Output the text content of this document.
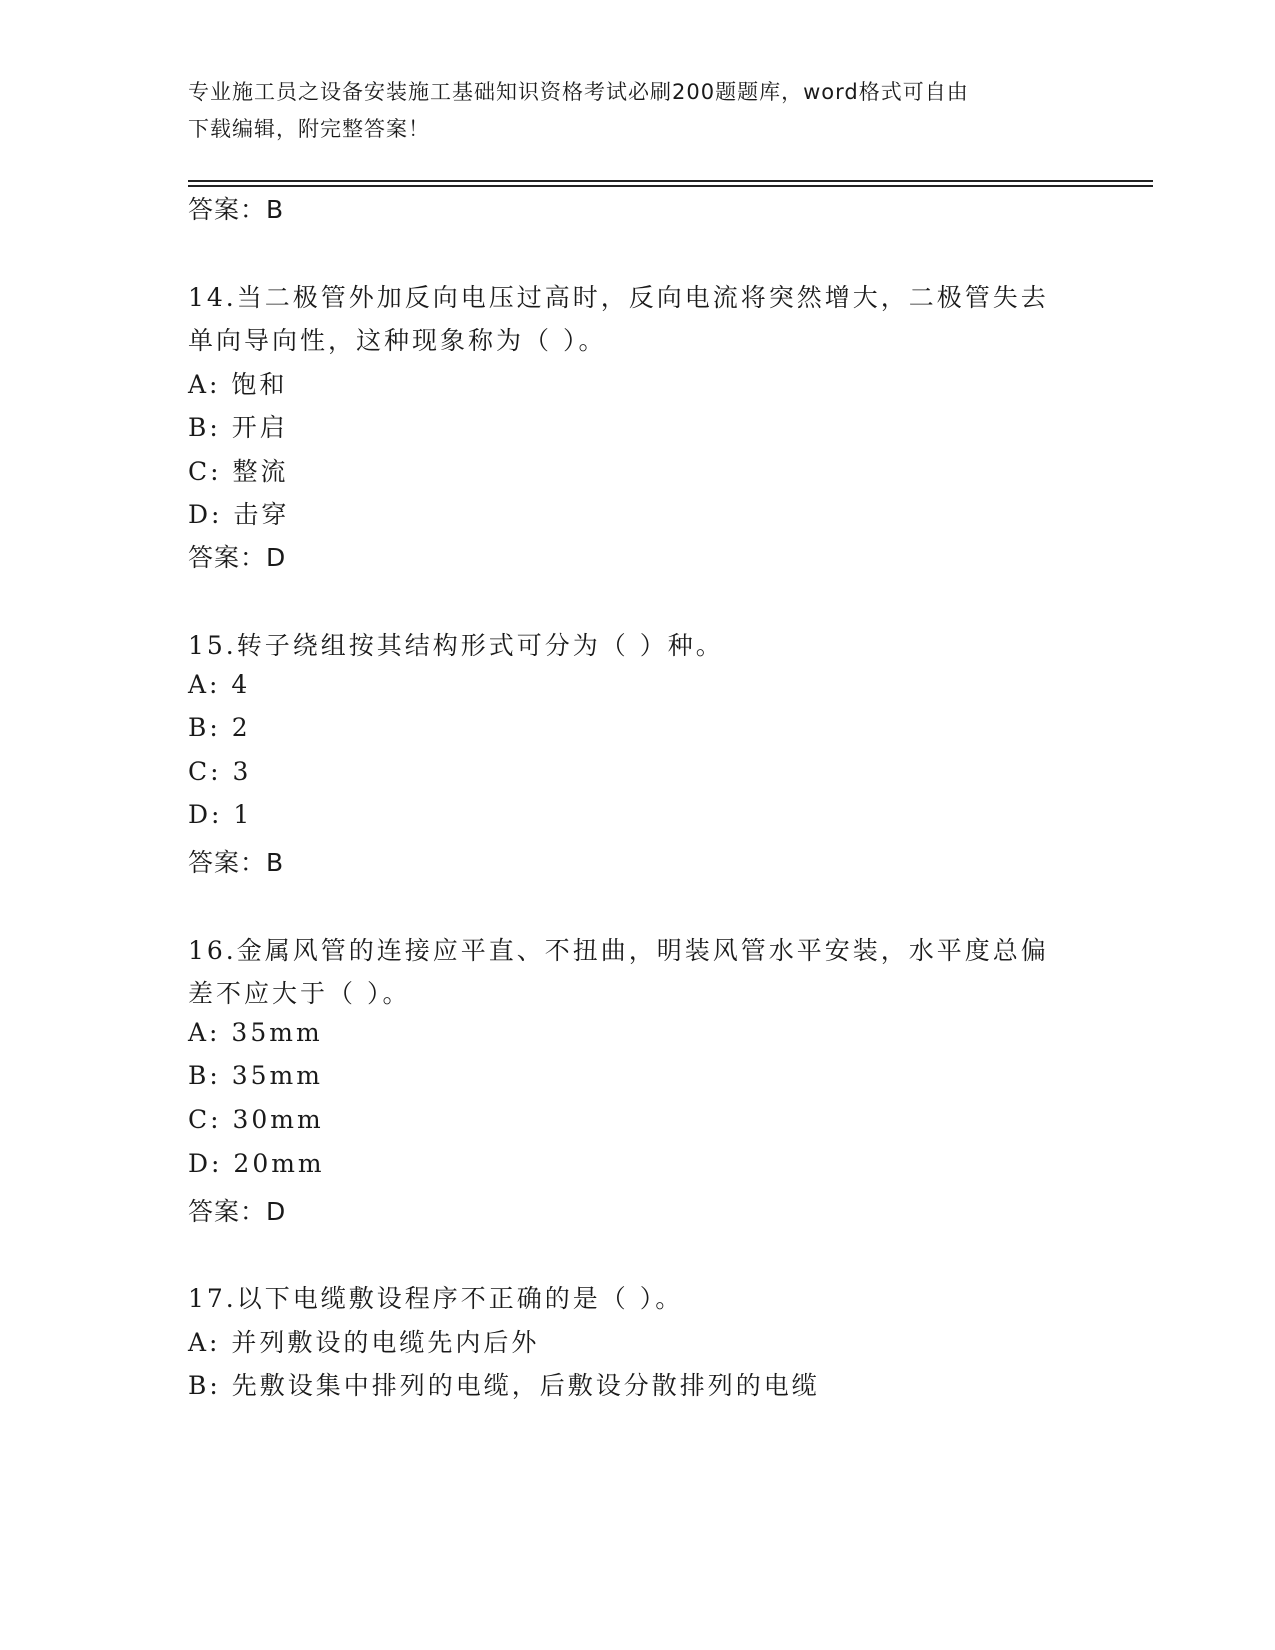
专业施工员之设备安装施工基础知识资格考试必刷200题题库，word格式可自由
下载编辑，附完整答案！
答案：B
14.当二极管外加反向电压过高时，反向电流将突然增大，二极管失去
单向导向性，这种现象称为（ ）。
A: 饱和
B: 开启
C: 整流
D: 击穿
答案：D
15.转子绕组按其结构形式可分为（ ）种。
A: 4
B: 2
C: 3
D: 1
答案：B
16.金属风管的连接应平直、不扭曲，明装风管水平安装，水平度总偏
差不应大于（ ）。
A: 35mm
B: 35mm
C: 30mm
D: 20mm
答案：D
17.以下电缆敷设程序不正确的是（ ）。
A: 并列敷设的电缆先内后外
B: 先敷设集中排列的电缆，后敷设分散排列的电缆
